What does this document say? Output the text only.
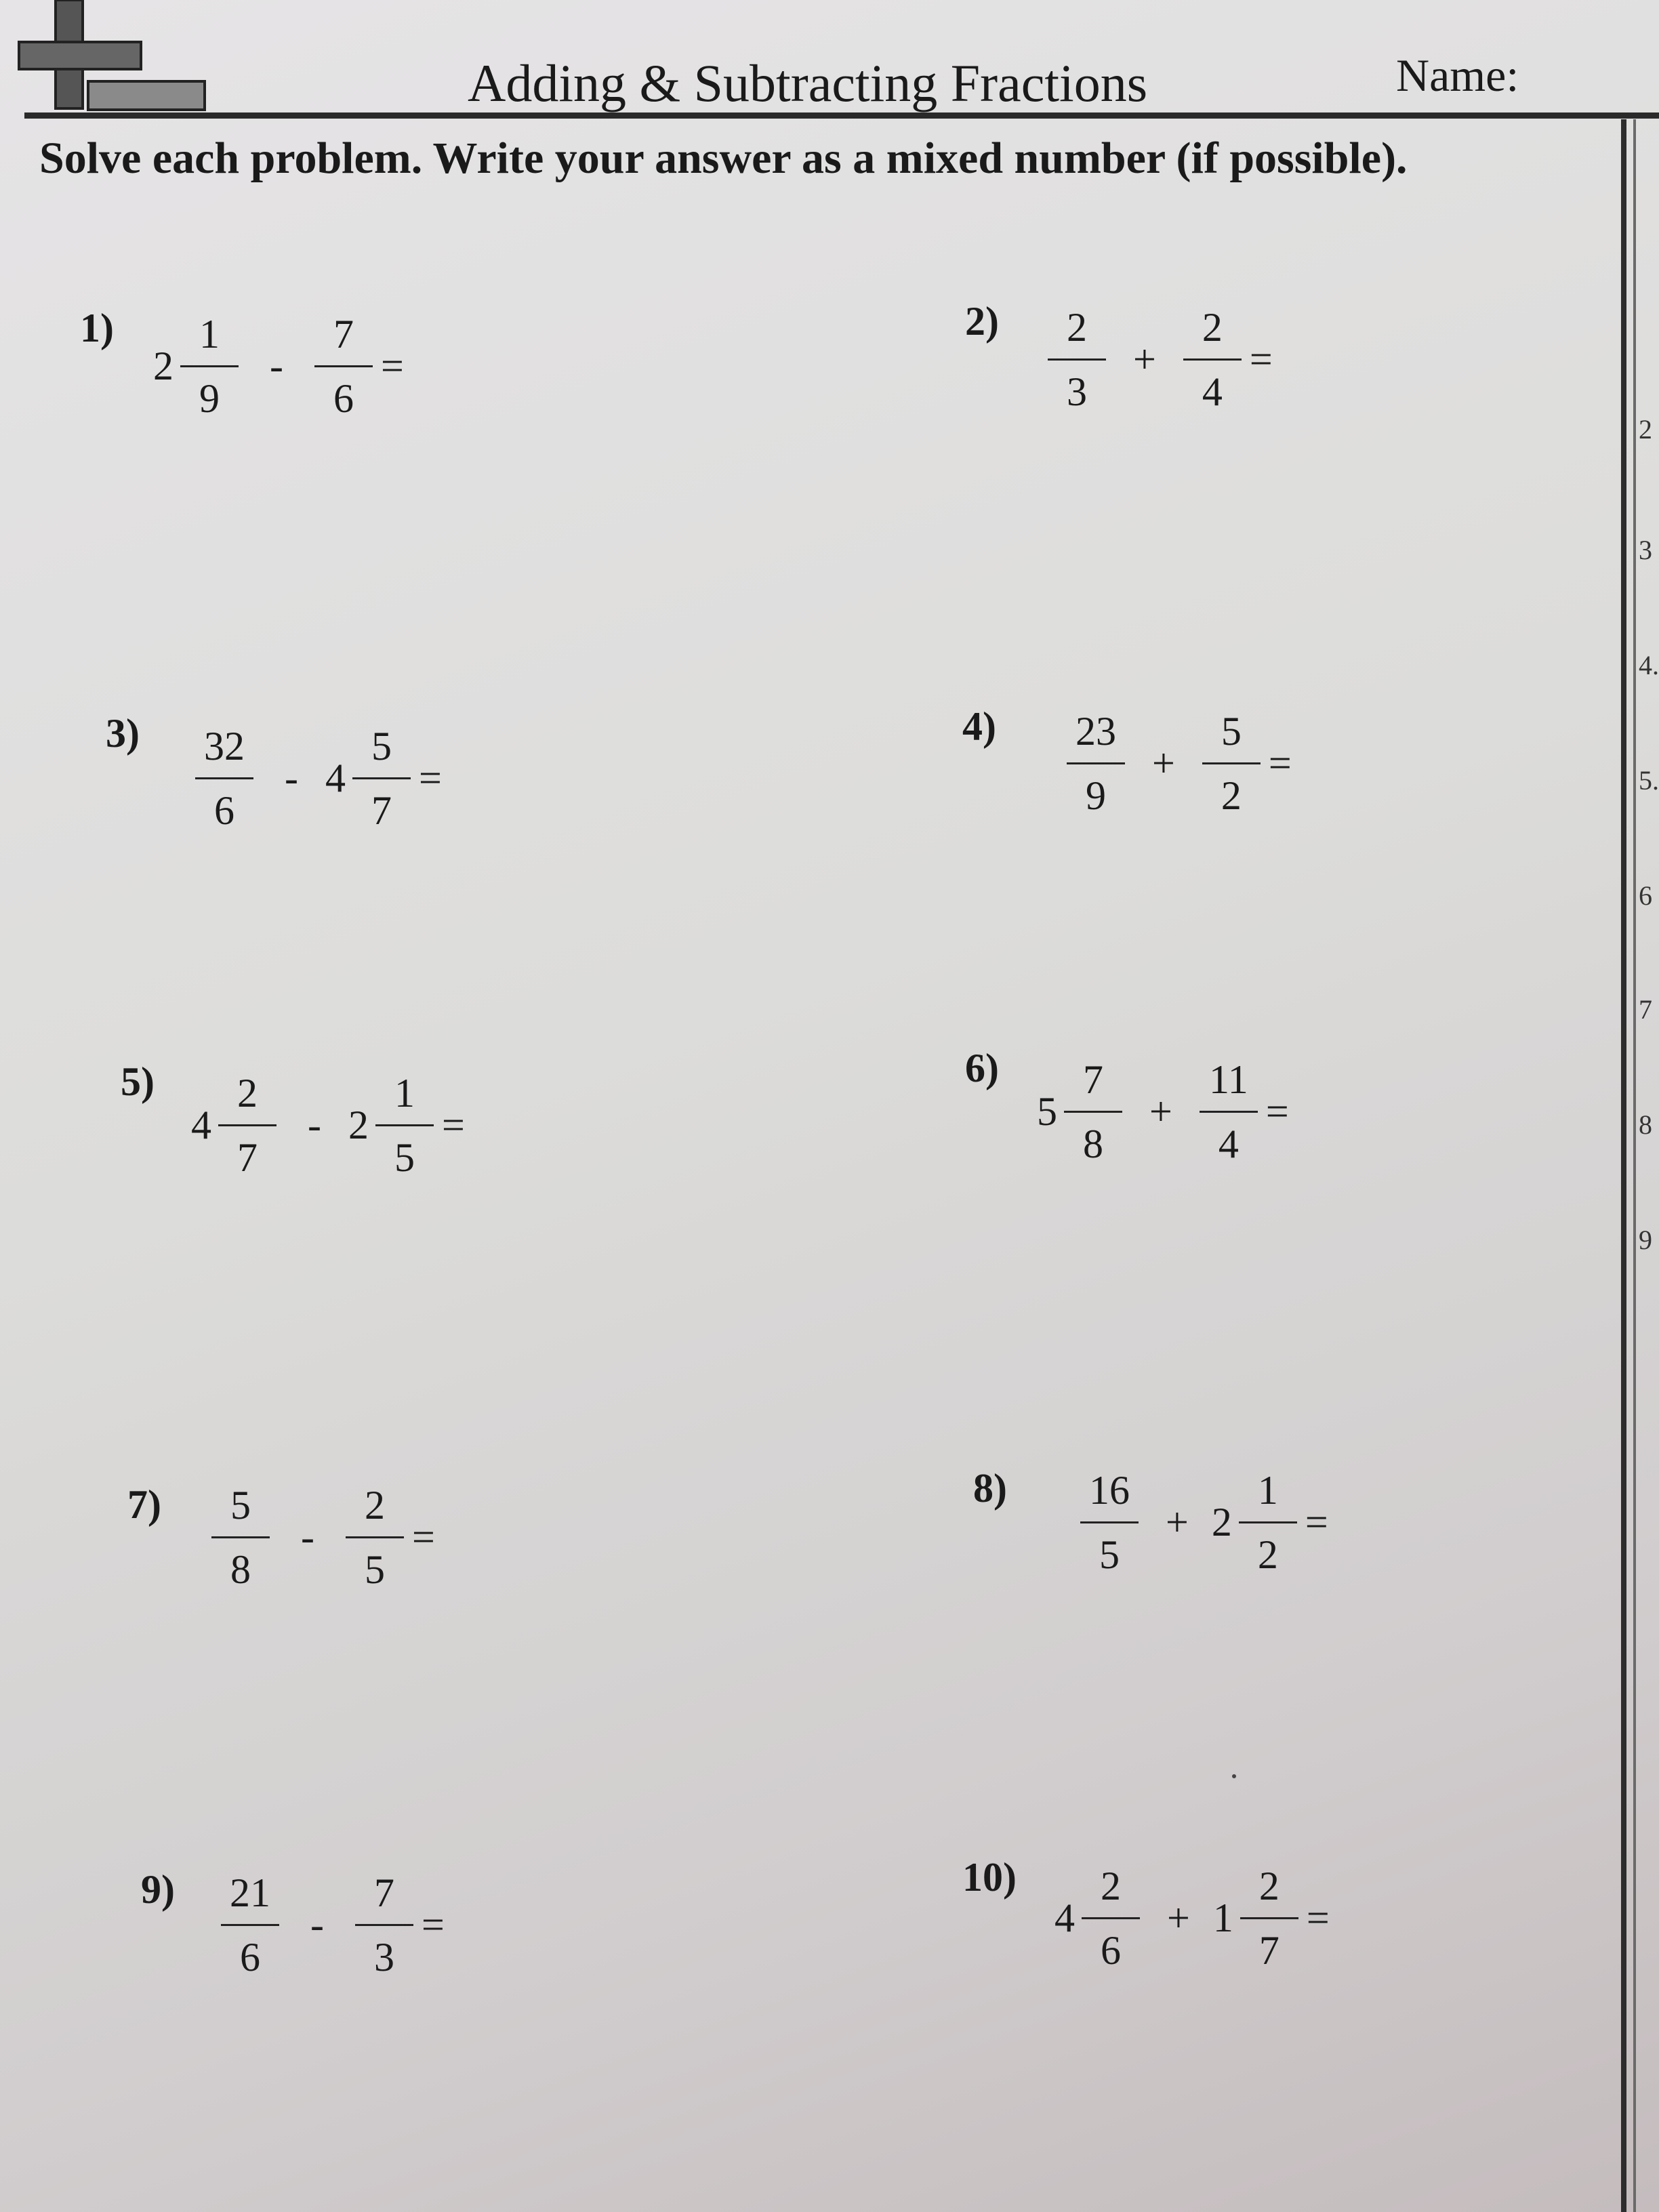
Adding & Subtracting Fractions	Name:
Solve each problem. Write your answer as a mixed number (if possible).
2
3
4.
5.
6
7
8
9
1)
$2 \frac{1}{9} - \frac{7}{6}$ =
$2) \frac{2}{3} + \frac{2}{4}$ =
$3) \frac{32}{6} - 4 \frac{5}{7}$ =
$4) \frac{23}{9} + \frac{5}{2}$ =
5)
$4 \frac{2}{7} - 2 \frac{1}{5}$ =
6)
$5 \frac{7}{8} + \frac{11}{4}$ =
$7) \frac{5}{8} - \frac{2}{5}$ =
$8) \frac{16}{5} + 2 \frac{1}{2}$ =
$9) \frac{21}{6} - \frac{7}{3}$ =
10)
$4 \frac{2}{6} + 1 \frac{2}{7}$ =
